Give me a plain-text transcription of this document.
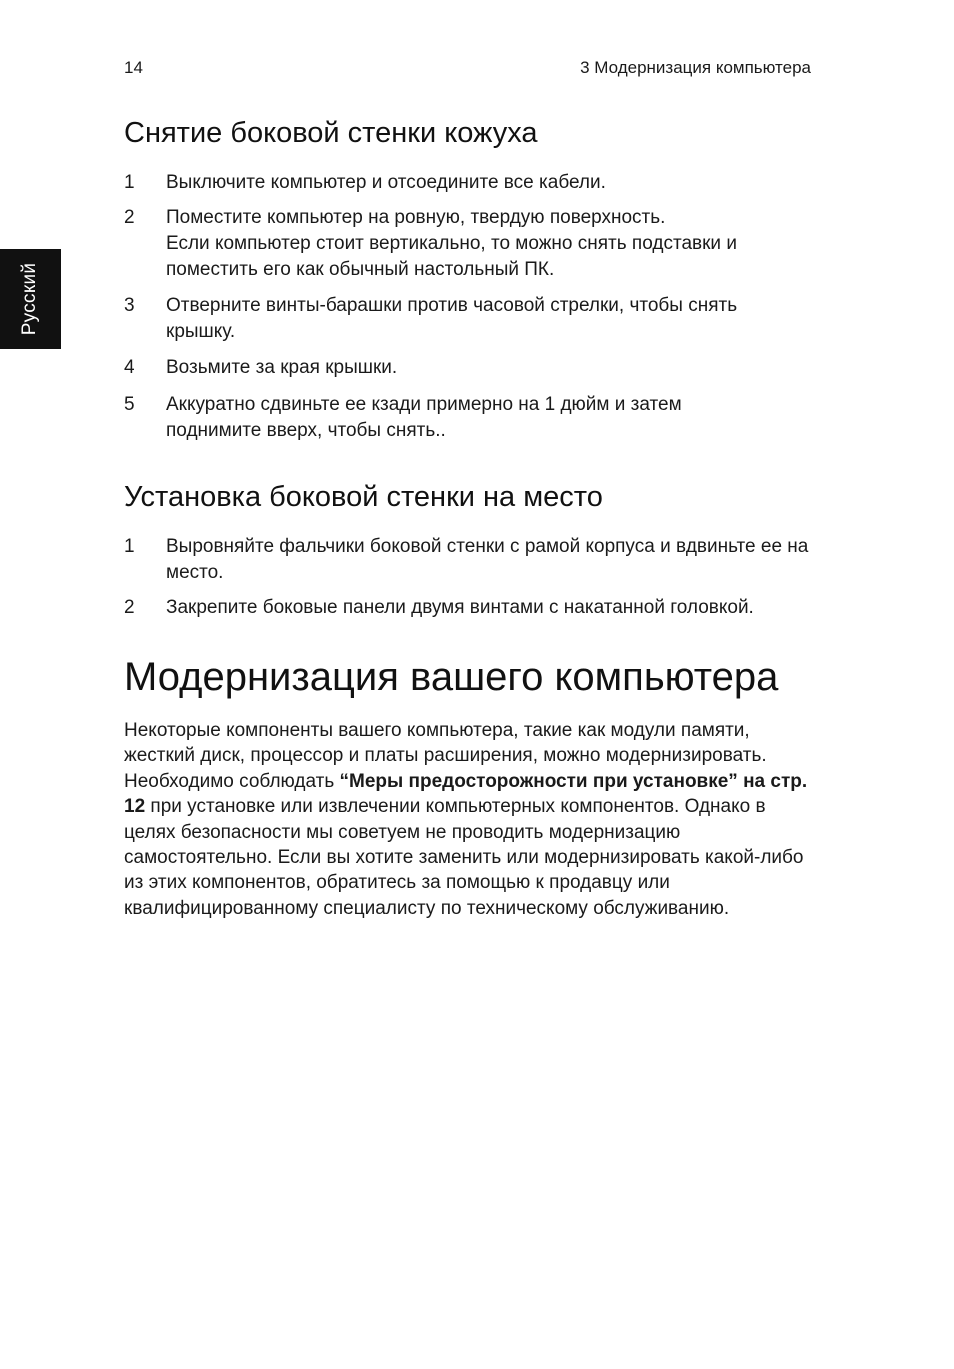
14	3 Модернизация компьютера
Русский
Снятие боковой стенки кожуха
1 Выключите компьютер и отсоедините все кабели.
2 Поместите компьютер на ровную, твердую поверхность.
Если компьютер стоит вертикально, то можно снять подставки и поместить его как обычный настольный ПК.
3 Отверните винты-барашки против часовой стрелки, чтобы снять крышку.
4 Возьмите за края крышки.
5 Аккуратно сдвиньте ее кзади примерно на 1 дюйм и затем поднимите вверх, чтобы снять..
Установка боковой стенки на место
1 Выровняйте фальчики боковой стенки с рамой корпуса и вдвиньте ее на место.
2 Закрепите боковые панели двумя винтами с накатанной головкой.
Модернизация вашего компьютера
Некоторые компоненты вашего компьютера, такие как модули памяти, жесткий диск, процессор и платы расширения, можно модернизировать. Необходимо соблюдать “Меры предосторожности при установке” на стр. 12 при установке или извлечении компьютерных компонентов. Однако в целях безопасности мы советуем не проводить модернизацию самостоятельно. Если вы хотите заменить или модернизировать какой-либо из этих компонентов, обратитесь за помощью к продавцу или квалифицированному специалисту по техническому обслуживанию.
